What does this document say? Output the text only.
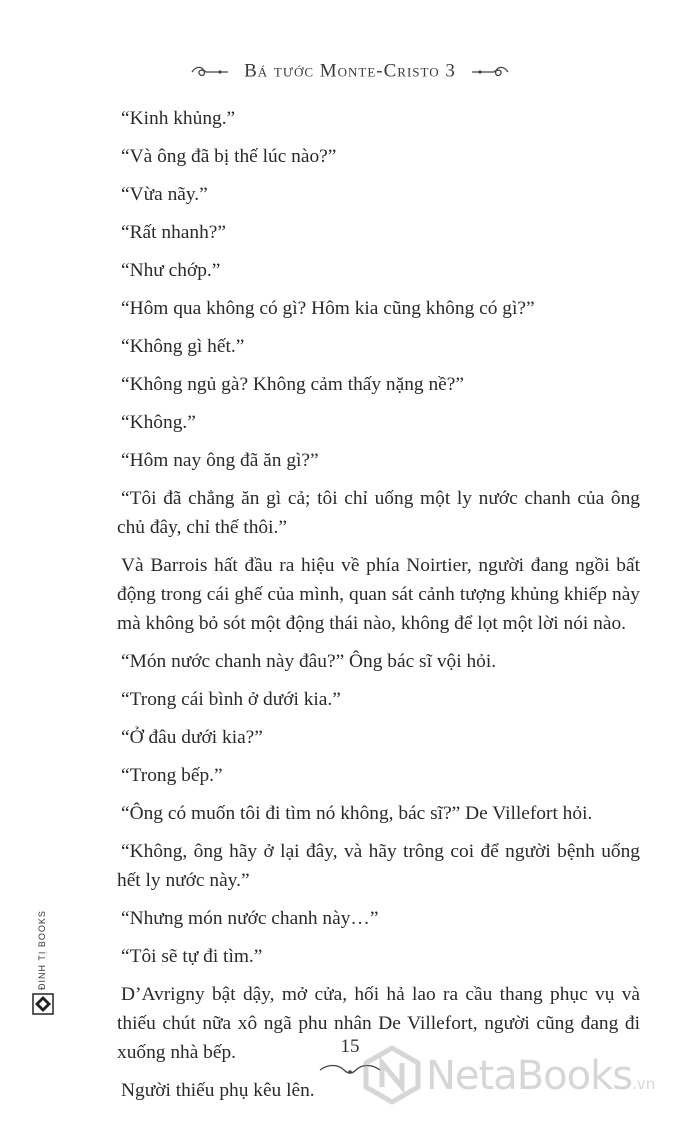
Bá tước Monte-Cristo 3

“Kinh khủng.”

“Và ông đã bị thế lúc nào?”

“Vừa nãy.”

“Rất nhanh?”

“Như chớp.”

“Hôm qua không có gì? Hôm kia cũng không có gì?”

“Không gì hết.”

“Không ngủ gà? Không cảm thấy nặng nề?”

“Không.”

“Hôm nay ông đã ăn gì?”

“Tôi đã chẳng ăn gì cả; tôi chỉ uống một ly nước chanh của ông chủ đây, chỉ thế thôi.”

Và Barrois hất đầu ra hiệu về phía Noirtier, người đang ngồi bất động trong cái ghế của mình, quan sát cảnh tượng khủng khiếp này mà không bỏ sót một động thái nào, không để lọt một lời nói nào.

“Món nước chanh này đâu?” Ông bác sĩ vội hỏi.

“Trong cái bình ở dưới kia.”

“Ở đâu dưới kia?”

“Trong bếp.”

“Ông có muốn tôi đi tìm nó không, bác sĩ?” De Villefort hỏi.

“Không, ông hãy ở lại đây, và hãy trông coi để người bệnh uống hết ly nước này.”

“Nhưng món nước chanh này…”

“Tôi sẽ tự đi tìm.”

D’Avrigny bật dậy, mở cửa, hối hả lao ra cầu thang phục vụ và thiếu chút nữa xô ngã phu nhân De Villefort, người cũng đang đi xuống nhà bếp.

Người thiếu phụ kêu lên.

ĐINH TỊ BOOKS
15
NetaBooks.vn
